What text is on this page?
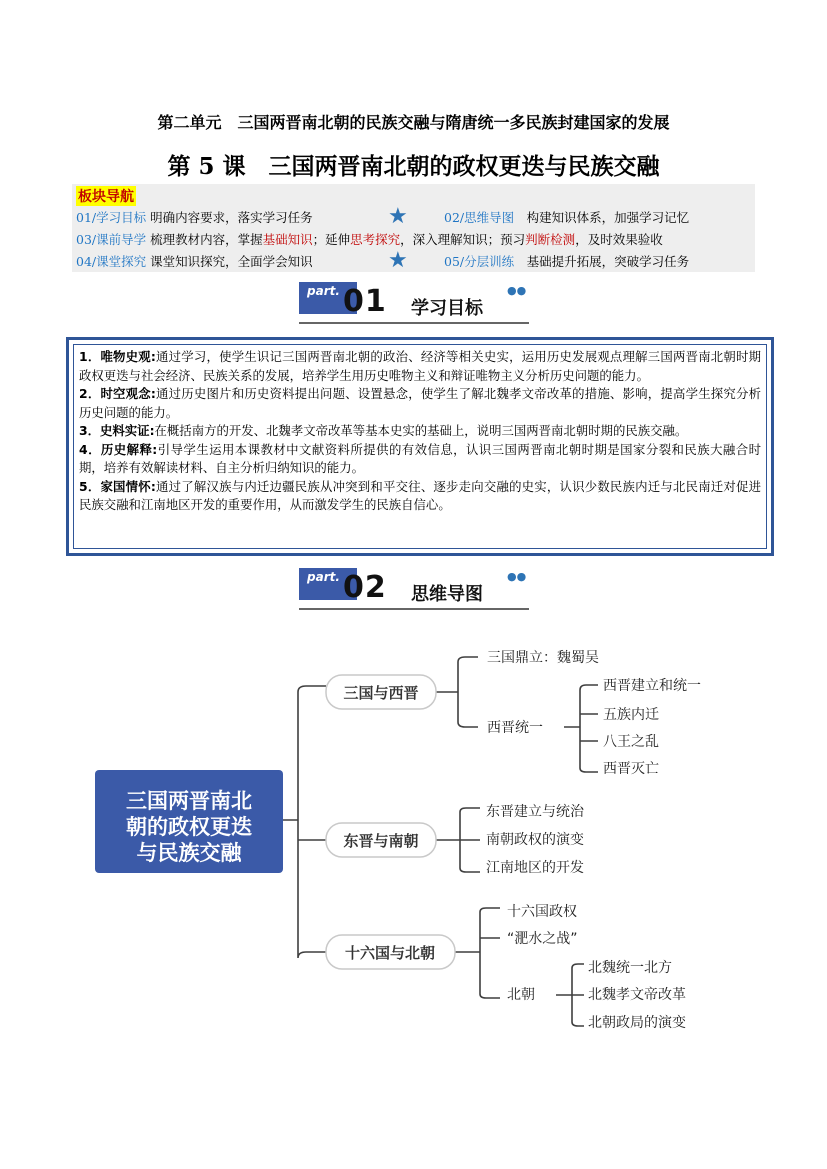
第二单元　三国两晋南北朝的民族交融与隋唐统一多民族封建国家的发展
第 5 课　三国两晋南北朝的政权更迭与民族交融
板块导航
01/学习目标 明确内容要求，落实学习任务	★	02/思维导图　构建知识体系，加强学习记忆
03/课前导学 梳理教材内容，掌握基础知识；延伸思考探究，深入理解知识；预习判断检测，及时效果验收
04/课堂探究 课堂知识探究，全面学会知识	★	05/分层训练　基础提升拓展，突破学习任务
part. 01 学习目标
●●

1．唯物史观:通过学习，使学生识记三国两晋南北朝的政治、经济等相关史实，运用历史发展观点理解三国两晋南北朝时期政权更迭与社会经济、民族关系的发展，培养学生用历史唯物主义和辩证唯物主义分析历史问题的能力。

2．时空观念:通过历史图片和历史资料提出问题、设置悬念，使学生了解北魏孝文帝改革的措施、影响，提高学生探究分析历史问题的能力。

3．史料实证:在概括南方的开发、北魏孝文帝改革等基本史实的基础上，说明三国两晋南北朝时期的民族交融。

4．历史解释:引导学生运用本课教材中文献资料所提供的有效信息，认识三国两晋南北朝时期是国家分裂和民族大融合时期，培养有效解读材料、自主分析归纳知识的能力。

5．家国情怀:通过了解汉族与内迁边疆民族从冲突到和平交往、逐步走向交融的史实，认识少数民族内迁与北民南迁对促进民族交融和江南地区开发的重要作用，从而激发学生的民族自信心。

part. 02 思维导图
●●
三国两晋南北
朝的政权更迭
与民族交融
三国与西晋
东晋与南朝
十六国与北朝
三国鼎立：魏蜀吴
西晋统一
西晋建立和统一
五族内迁
八王之乱
西晋灭亡
东晋建立与统治
南朝政权的演变
江南地区的开发
十六国政权
“淝水之战”
北朝
北魏统一北方
北魏孝文帝改革
北朝政局的演变
